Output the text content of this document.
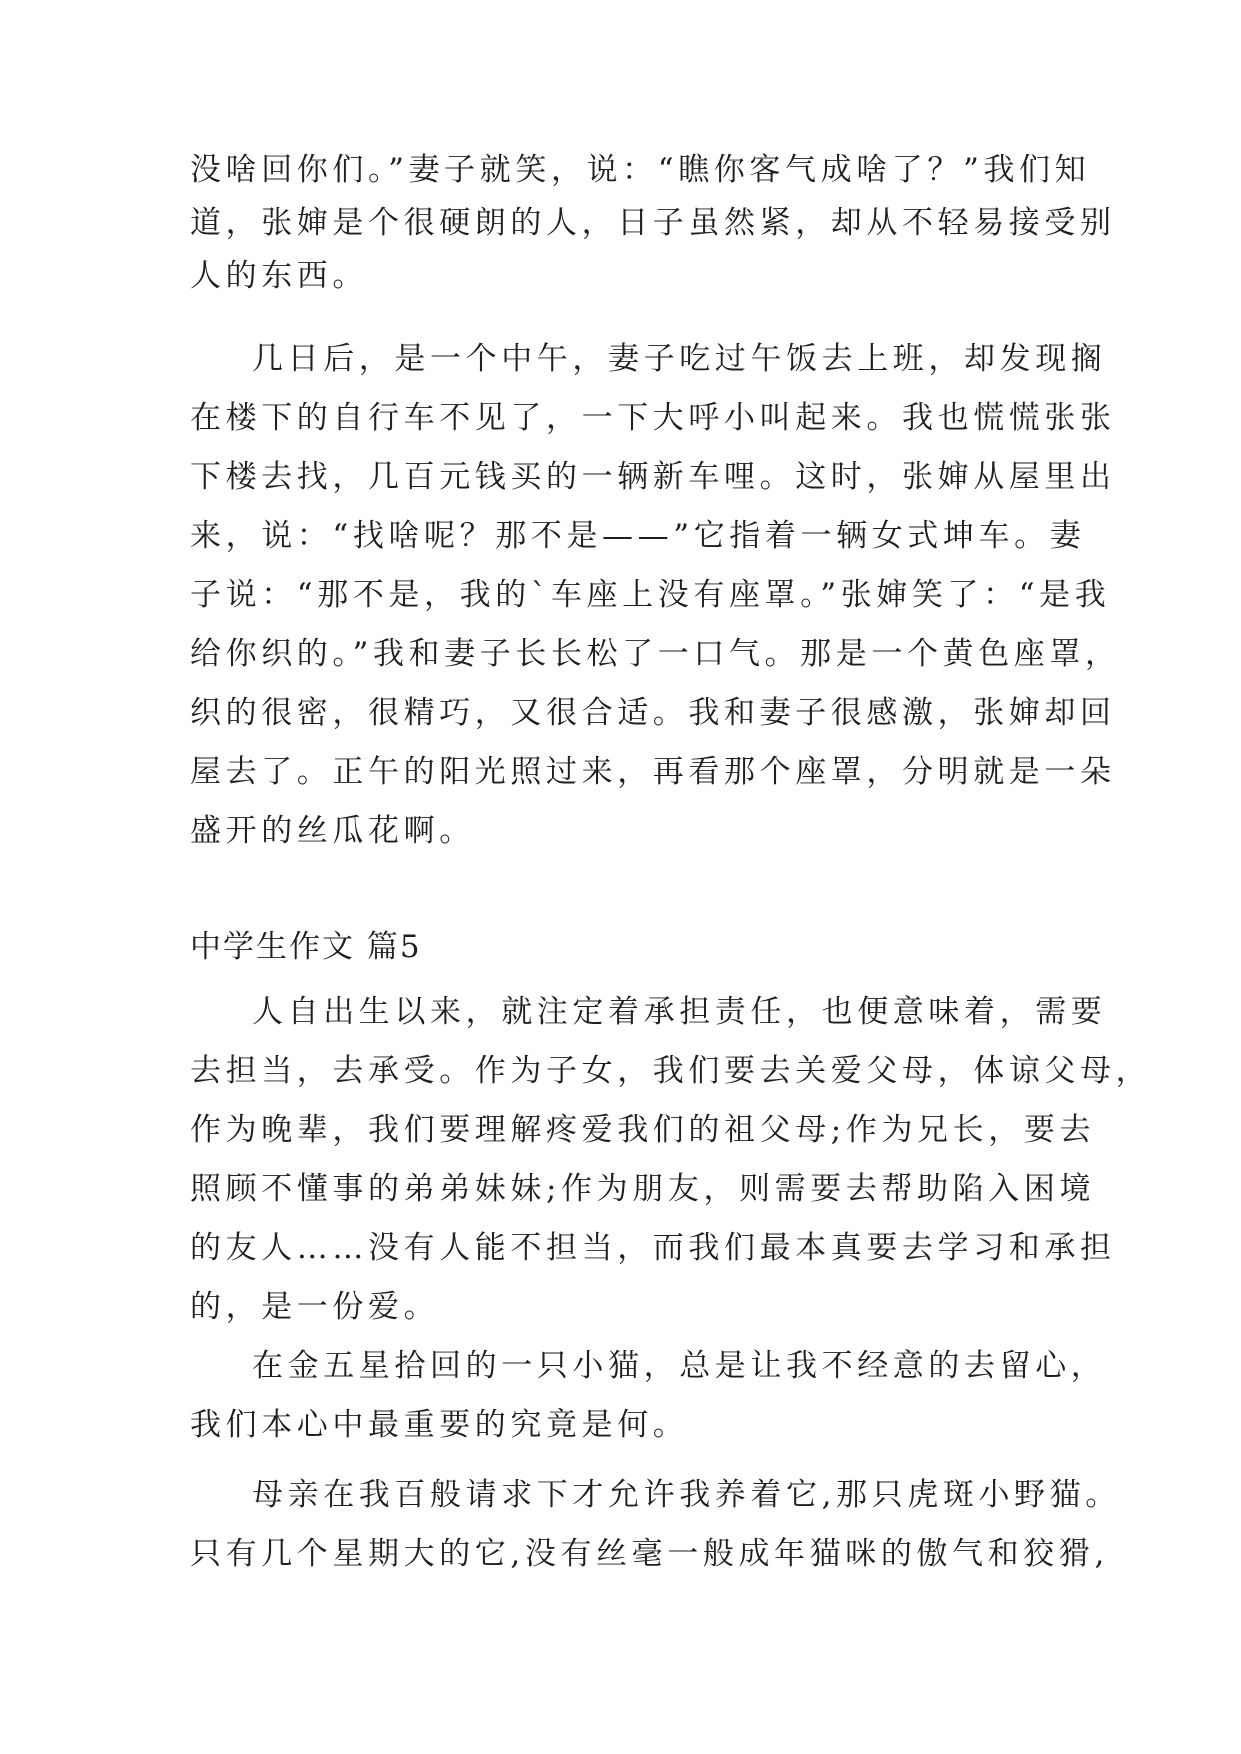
没啥回你们。”妻子就笑，说：“瞧你客气成啥了？”我们知

道，张婶是个很硬朗的人，日子虽然紧，却从不轻易接受别

人的东西。

几日后，是一个中午，妻子吃过午饭去上班，却发现搁

在楼下的自行车不见了，一下大呼小叫起来。我也慌慌张张

下楼去找，几百元钱买的一辆新车哩。这时，张婶从屋里出

来，说：“找啥呢？那不是——”它指着一辆女式坤车。妻

子说：“那不是，我的`车座上没有座罩。”张婶笑了：“是我

给你织的。”我和妻子长长松了一口气。那是一个黄色座罩，

织的很密，很精巧，又很合适。我和妻子很感激，张婶却回

屋去了。正午的阳光照过来，再看那个座罩，分明就是一朵

盛开的丝瓜花啊。

中学生作文 篇5

人自出生以来，就注定着承担责任，也便意味着，需要

去担当，去承受。作为子女，我们要去关爱父母，体谅父母，

作为晚辈，我们要理解疼爱我们的祖父母;作为兄长，要去

照顾不懂事的弟弟妹妹;作为朋友，则需要去帮助陷入困境

的友人……没有人能不担当，而我们最本真要去学习和承担

的，是一份爱。

在金五星拾回的一只小猫，总是让我不经意的去留心，

我们本心中最重要的究竟是何。

母亲在我百般请求下才允许我养着它,那只虎斑小野猫。

只有几个星期大的它,没有丝毫一般成年猫咪的傲气和狡猾,
